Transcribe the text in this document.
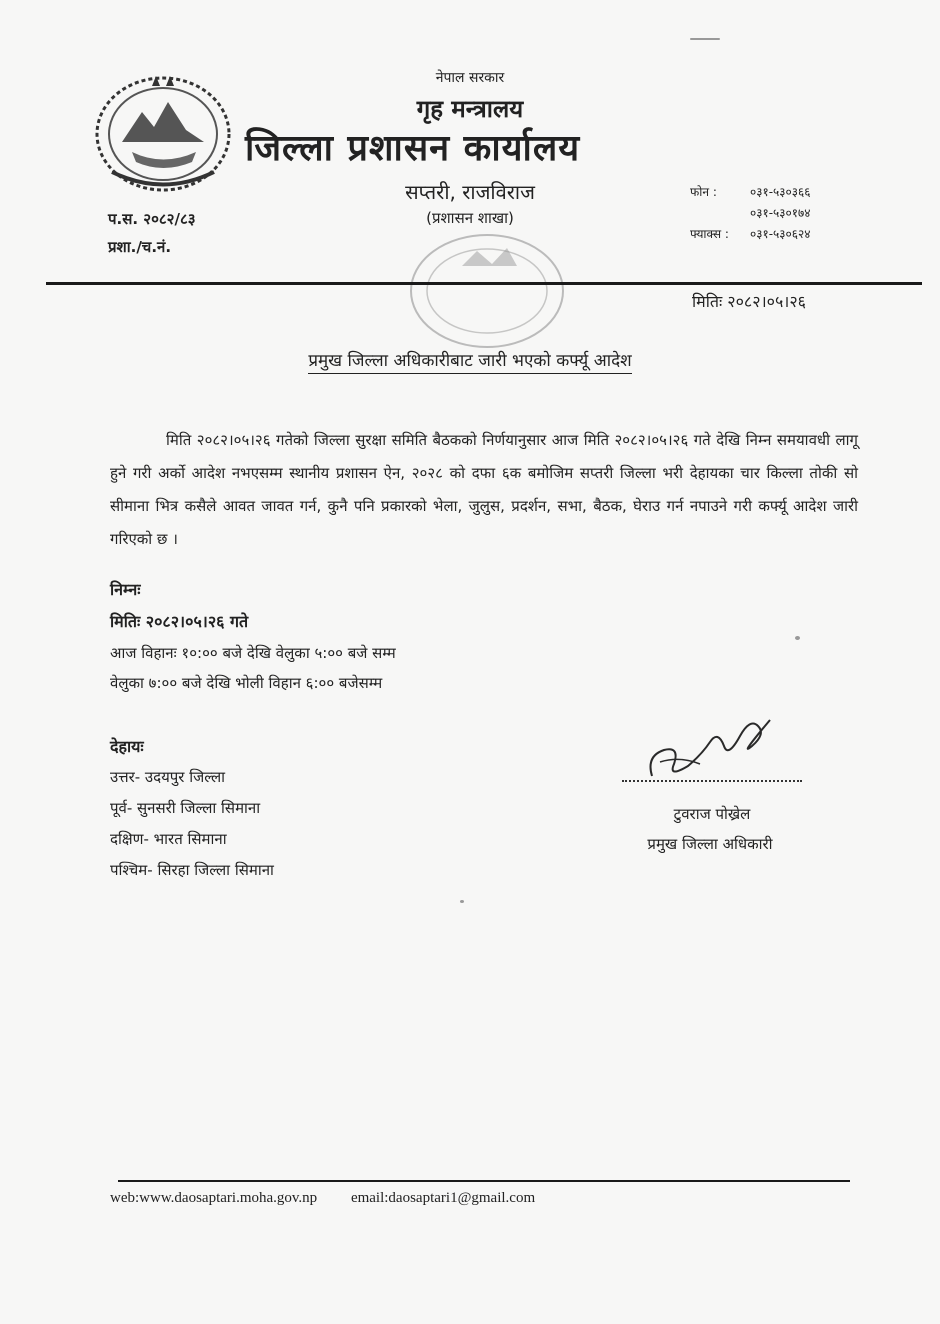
नेपाल सरकार
गृह मन्त्रालय
जिल्ला प्रशासन कार्यालय
सप्तरी, राजविराज
(प्रशासन शाखा)
फोन :	०३१-५३०३६६
०३१-५३०१७४
फ्याक्स : ०३१-५३०६२४
प.स. २०८२/८३
प्रशा./च.नं.
मितिः २०८२।०५।२६
प्रमुख जिल्ला अधिकारीबाट जारी भएको कर्फ्यू आदेश
मिति २०८२।०५।२६ गतेको जिल्ला सुरक्षा समिति बैठकको निर्णयानुसार आज मिति २०८२।०५।२६ गते देखि निम्न समयावधी लागू हुने गरी अर्को आदेश नभएसम्म स्थानीय प्रशासन ऐन, २०२८ को दफा ६क बमोजिम सप्तरी जिल्ला भरी देहायका चार किल्ला तोकी सो सीमाना भित्र कसैले आवत जावत गर्न, कुनै पनि प्रकारको भेला, जुलुस, प्रदर्शन, सभा, बैठक, घेराउ गर्न नपाउने गरी कर्फ्यू आदेश जारी गरिएको छ ।
निम्नः
मितिः २०८२।०५।२६ गते
आज विहानः १०:०० बजे देखि वेलुका ५:०० बजे सम्म
वेलुका ७:०० बजे देखि भोली विहान ६:०० बजेसम्म
देहायः
उत्तर- उदयपुर जिल्ला
पूर्व- सुनसरी जिल्ला सिमाना
दक्षिण- भारत सिमाना
पश्चिम- सिरहा जिल्ला सिमाना
टुवराज पोख्रेल
प्रमुख जिल्ला अधिकारी
web:www.daosaptari.moha.gov.np email:daosaptari1@gmail.com
